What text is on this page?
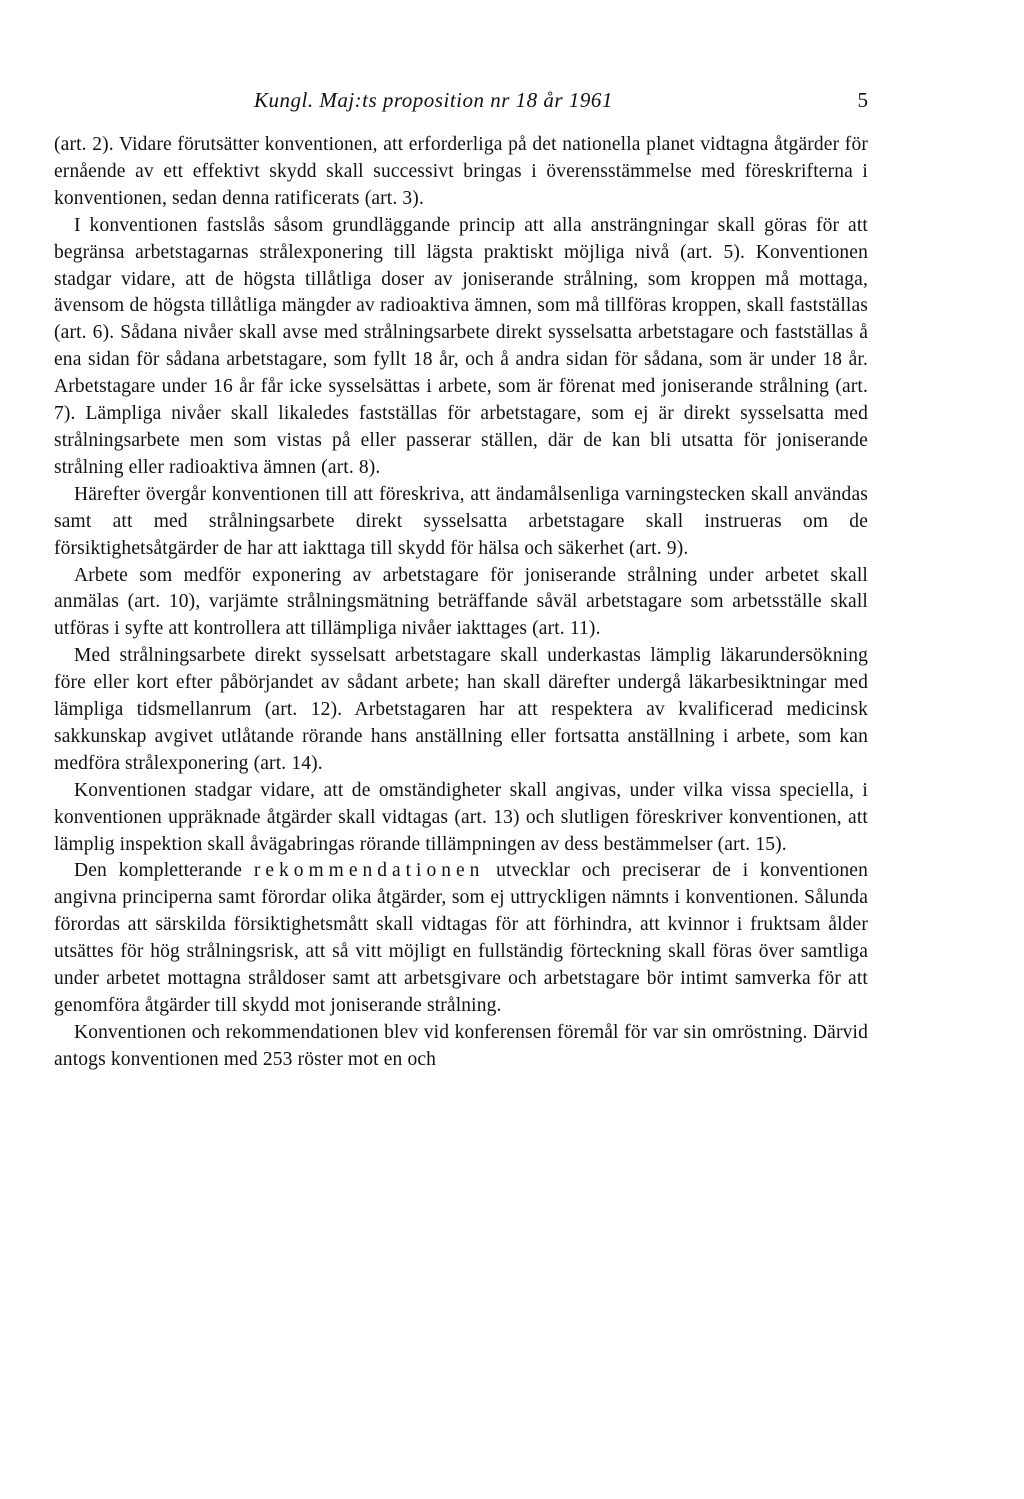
Kungl. Maj:ts proposition nr 18 år 1961	5

(art. 2). Vidare förutsätter konventionen, att erforderliga på det nationella planet vidtagna åtgärder för ernående av ett effektivt skydd skall successivt bringas i överensstämmelse med föreskrifterna i konventionen, sedan denna ratificerats (art. 3).

I konventionen fastslås såsom grundläggande princip att alla ansträngningar skall göras för att begränsa arbetstagarnas strålexponering till lägsta praktiskt möjliga nivå (art. 5). Konventionen stadgar vidare, att de högsta tillåtliga doser av joniserande strålning, som kroppen må mottaga, ävensom de högsta tillåtliga mängder av radioaktiva ämnen, som må tillföras kroppen, skall fastställas (art. 6). Sådana nivåer skall avse med strålningsarbete direkt sysselsatta arbetstagare och fastställas å ena sidan för sådana arbetstagare, som fyllt 18 år, och å andra sidan för sådana, som är under 18 år. Arbetstagare under 16 år får icke sysselsättas i arbete, som är förenat med joniserande strålning (art. 7). Lämpliga nivåer skall likaledes fastställas för arbetstagare, som ej är direkt sysselsatta med strålningsarbete men som vistas på eller passerar ställen, där de kan bli utsatta för joniserande strålning eller radioaktiva ämnen (art. 8).

Härefter övergår konventionen till att föreskriva, att ändamålsenliga varningstecken skall användas samt att med strålningsarbete direkt sysselsatta arbetstagare skall instrueras om de försiktighetsåtgärder de har att iakttaga till skydd för hälsa och säkerhet (art. 9).

Arbete som medför exponering av arbetstagare för joniserande strålning under arbetet skall anmälas (art. 10), varjämte strålningsmätning beträffande såväl arbetstagare som arbetsställe skall utföras i syfte att kontrollera att tillämpliga nivåer iakttages (art. 11).

Med strålningsarbete direkt sysselsatt arbetstagare skall underkastas lämplig läkarundersökning före eller kort efter påbörjandet av sådant arbete; han skall därefter undergå läkarbesiktningar med lämpliga tidsmellanrum (art. 12). Arbetstagaren har att respektera av kvalificerad medicinsk sakkunskap avgivet utlåtande rörande hans anställning eller fortsatta anställning i arbete, som kan medföra strålexponering (art. 14).

Konventionen stadgar vidare, att de omständigheter skall angivas, under vilka vissa speciella, i konventionen uppräknade åtgärder skall vidtagas (art. 13) och slutligen föreskriver konventionen, att lämplig inspektion skall åvägabringas rörande tillämpningen av dess bestämmelser (art. 15).

Den kompletterande rekommendationen utvecklar och preciserar de i konventionen angivna principerna samt förordar olika åtgärder, som ej uttryckligen nämnts i konventionen. Sålunda förordas att särskilda försiktighetsmått skall vidtagas för att förhindra, att kvinnor i fruktsam ålder utsättes för hög strålningsrisk, att så vitt möjligt en fullständig förteckning skall föras över samtliga under arbetet mottagna stråldoser samt att arbetsgivare och arbetstagare bör intimt samverka för att genomföra åtgärder till skydd mot joniserande strålning.

Konventionen och rekommendationen blev vid konferensen föremål för var sin omröstning. Därvid antogs konventionen med 253 röster mot en och
